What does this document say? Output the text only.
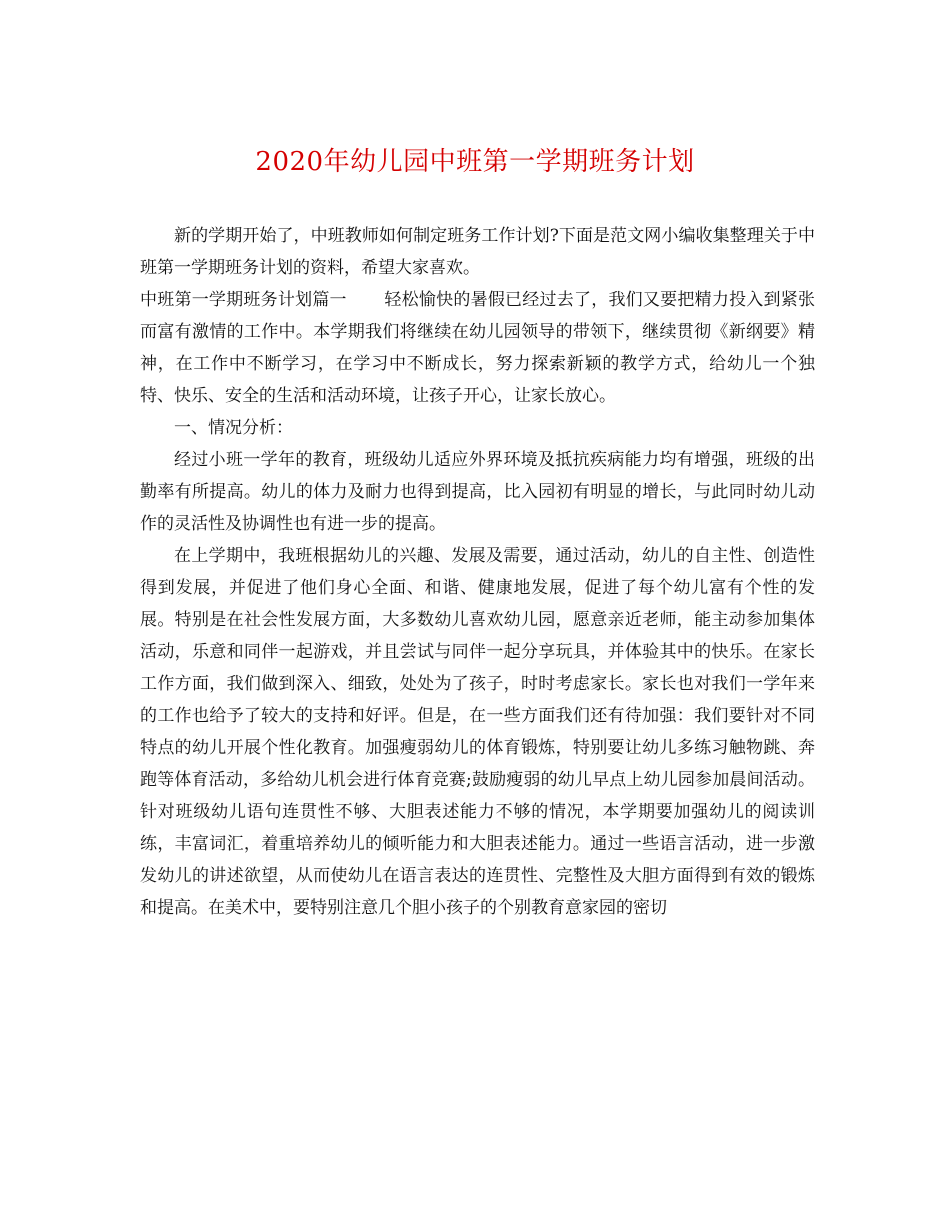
2020年幼儿园中班第一学期班务计划

新的学期开始了，中班教师如何制定班务工作计划?下面是范文网小编收集整理关于中班第一学期班务计划的资料，希望大家喜欢。

中班第一学期班务计划篇一 轻松愉快的暑假已经过去了，我们又要把精力投入到紧张而富有激情的工作中。本学期我们将继续在幼儿园领导的带领下，继续贯彻《新纲要》精神，在工作中不断学习，在学习中不断成长，努力探索新颖的教学方式，给幼儿一个独特、快乐、安全的生活和活动环境，让孩子开心，让家长放心。

一、情况分析：

经过小班一学年的教育，班级幼儿适应外界环境及抵抗疾病能力均有增强，班级的出勤率有所提高。幼儿的体力及耐力也得到提高，比入园初有明显的增长，与此同时幼儿动作的灵活性及协调性也有进一步的提高。

在上学期中，我班根据幼儿的兴趣、发展及需要，通过活动，幼儿的自主性、创造性得到发展，并促进了他们身心全面、和谐、健康地发展，促进了每个幼儿富有个性的发展。特别是在社会性发展方面，大多数幼儿喜欢幼儿园，愿意亲近老师，能主动参加集体活动，乐意和同伴一起游戏，并且尝试与同伴一起分享玩具，并体验其中的快乐。在家长工作方面，我们做到深入、细致，处处为了孩子，时时考虑家长。家长也对我们一学年来的工作也给予了较大的支持和好评。但是，在一些方面我们还有待加强：我们要针对不同特点的幼儿开展个性化教育。加强瘦弱幼儿的体育锻炼，特别要让幼儿多练习触物跳、奔跑等体育活动，多给幼儿机会进行体育竞赛;鼓励瘦弱的幼儿早点上幼儿园参加晨间活动。针对班级幼儿语句连贯性不够、大胆表述能力不够的情况，本学期要加强幼儿的阅读训练，丰富词汇，着重培养幼儿的倾听能力和大胆表述能力。通过一些语言活动，进一步激发幼儿的讲述欲望，从而使幼儿在语言表达的连贯性、完整性及大胆方面得到有效的锻炼和提高。在美术中，要特别注意几个胆小孩子的个别教育意家园的密切
